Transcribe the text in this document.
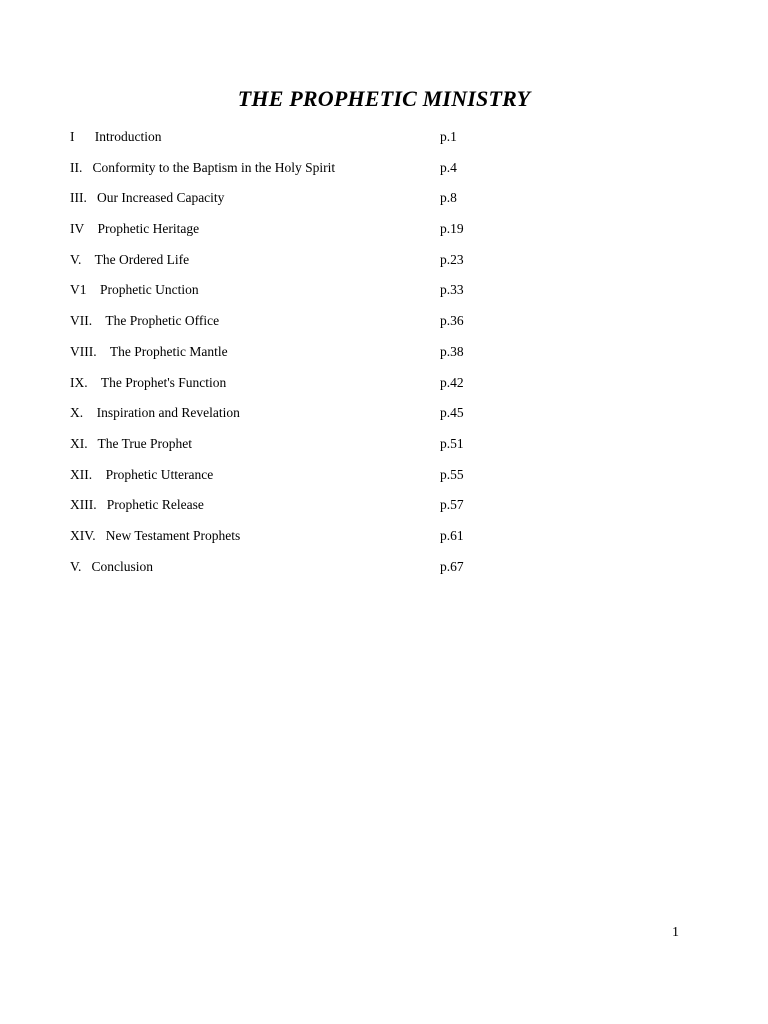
THE PROPHETIC MINISTRY
I      Introduction	p.1
II.   Conformity to the Baptism in the Holy Spirit	p.4
III.   Our Increased Capacity	p.8
IV    Prophetic Heritage	p.19
V.    The Ordered Life	p.23
V1    Prophetic Unction	p.33
VII.    The Prophetic Office	p.36
VIII.    The Prophetic Mantle	p.38
IX.    The Prophet's Function	p.42
X.    Inspiration and Revelation	p.45
XI.   The True Prophet	p.51
XII.    Prophetic Utterance	p.55
XIII.   Prophetic Release	p.57
XIV.   New Testament Prophets	p.61
V.   Conclusion	p.67
1
